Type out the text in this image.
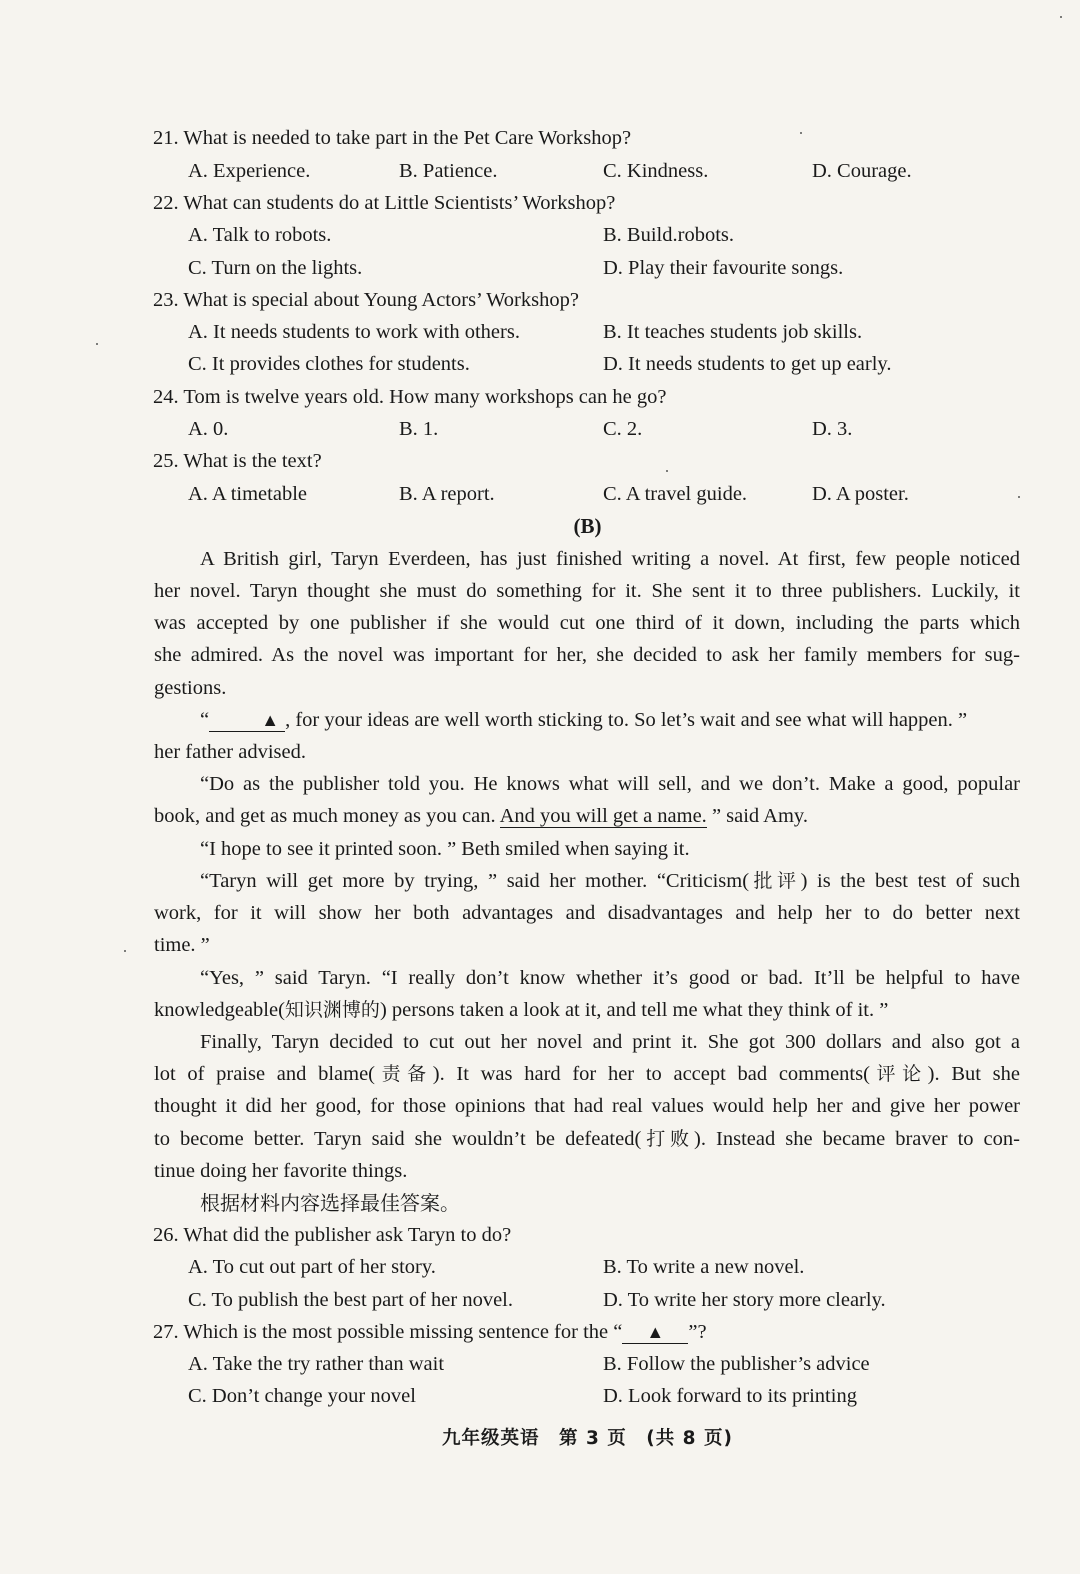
21. What is needed to take part in the Pet Care Workshop?
A. Experience.	B. Patience.	C. Kindness.	D. Courage.
22. What can students do at Little Scientists’ Workshop?
A. Talk to robots.	B. Build.robots.
C. Turn on the lights.	D. Play their favourite songs.
23. What is special about Young Actors’ Workshop?
A. It needs students to work with others.	B. It teaches students job skills.
C. It provides clothes for students.	D. It needs students to get up early.
24. Tom is twelve years old. How many workshops can he go?
A. 0.	B. 1.	C. 2.	D. 3.
25. What is the text?
A. A timetable	B. A report.	C. A travel guide.	D. A poster.
(B)
A British girl, Taryn Everdeen, has just finished writing a novel. At first, few people noticed
her novel. Taryn thought she must do something for it. She sent it to three publishers. Luckily, it
was accepted by one publisher if she would cut one third of it down, including the parts which
she admired. As the novel was important for her, she decided to ask her family members for sug-
gestions.
“	▲ , for your ideas are well worth sticking to. So let’s wait and see what will happen. ”
her father advised.
“Do as the publisher told you. He knows what will sell, and we don’t. Make a good, popular
book, and get as much money as you can. And you will get a name. ” said Amy.
“I hope to see it printed soon. ” Beth smiled when saying it.
“Taryn will get more by trying, ” said her mother. “Criticism(批评) is the best test of such
work, for it will show her both advantages and disadvantages and help her to do better next
time. ”
“Yes, ” said Taryn. “I really don’t know whether it’s good or bad. It’ll be helpful to have
knowledgeable(知识渊博的) persons taken a look at it, and tell me what they think of it. ”
Finally, Taryn decided to cut out her novel and print it. She got 300 dollars and also got a
lot of praise and blame(责备). It was hard for her to accept bad comments(评论). But she
thought it did her good, for those opinions that had real values would help her and give her power
to become better. Taryn said she wouldn’t be defeated(打败). Instead she became braver to con-
tinue doing her favorite things.
根据材料内容选择最佳答案。
26. What did the publisher ask Taryn to do?
A. To cut out part of her story.	B. To write a new novel.
C. To publish the best part of her novel.	D. To write her story more clearly.
27. Which is the most possible missing sentence for the “ ▲ ”?
A. Take the try rather than wait	B. Follow the publisher’s advice
C. Don’t change your novel	D. Look forward to its printing
九年级英语　第 3 页　(共 8 页)
